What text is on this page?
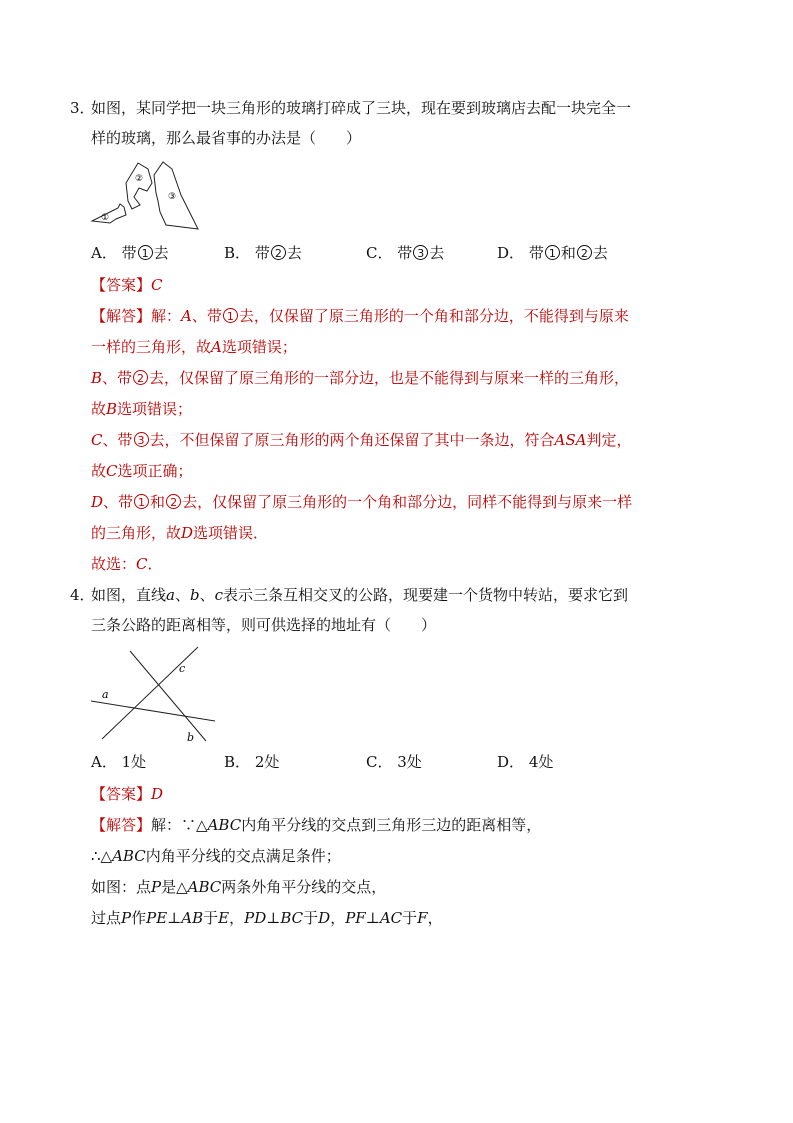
3．
如图，某同学把一块三角形的玻璃打碎成了三块，现在要到玻璃店去配一块完全一
样的玻璃，那么最省事的办法是（　　）
①
②
③
A． 带 1 去	B． 带 2 去	C． 带 3 去	D． 带 1 和 2 去
【答案】C
【解答】解：A、带 1 去，仅保留了原三角形的一个角和部分边，不能得到与原来
一样的三角形，故A选项错误；
B、带 2 去，仅保留了原三角形的一部分边，也是不能得到与原来一样的三角形，
故B选项错误；
C、带 3 去，不但保留了原三角形的两个角还保留了其中一条边，符合ASA判定，
故C选项正确；
D、带 1 和 2 去，仅保留了原三角形的一个角和部分边，同样不能得到与原来一样
的三角形，故D选项错误．
故选：C．
4．
如图，直线a、b、c表示三条互相交叉的公路，现要建一个货物中转站，要求它到
三条公路的距离相等，则可供选择的地址有（　　）
a
b
c
A． 1处	B． 2处	C． 3处	D． 4处
【答案】D
【解答】解：∵△ABC内角平分线的交点到三角形三边的距离相等，
∴△ABC内角平分线的交点满足条件；
如图：点P是△ABC两条外角平分线的交点，
过点P作PE⊥AB于E，PD⊥BC于D，PF⊥AC于F，
